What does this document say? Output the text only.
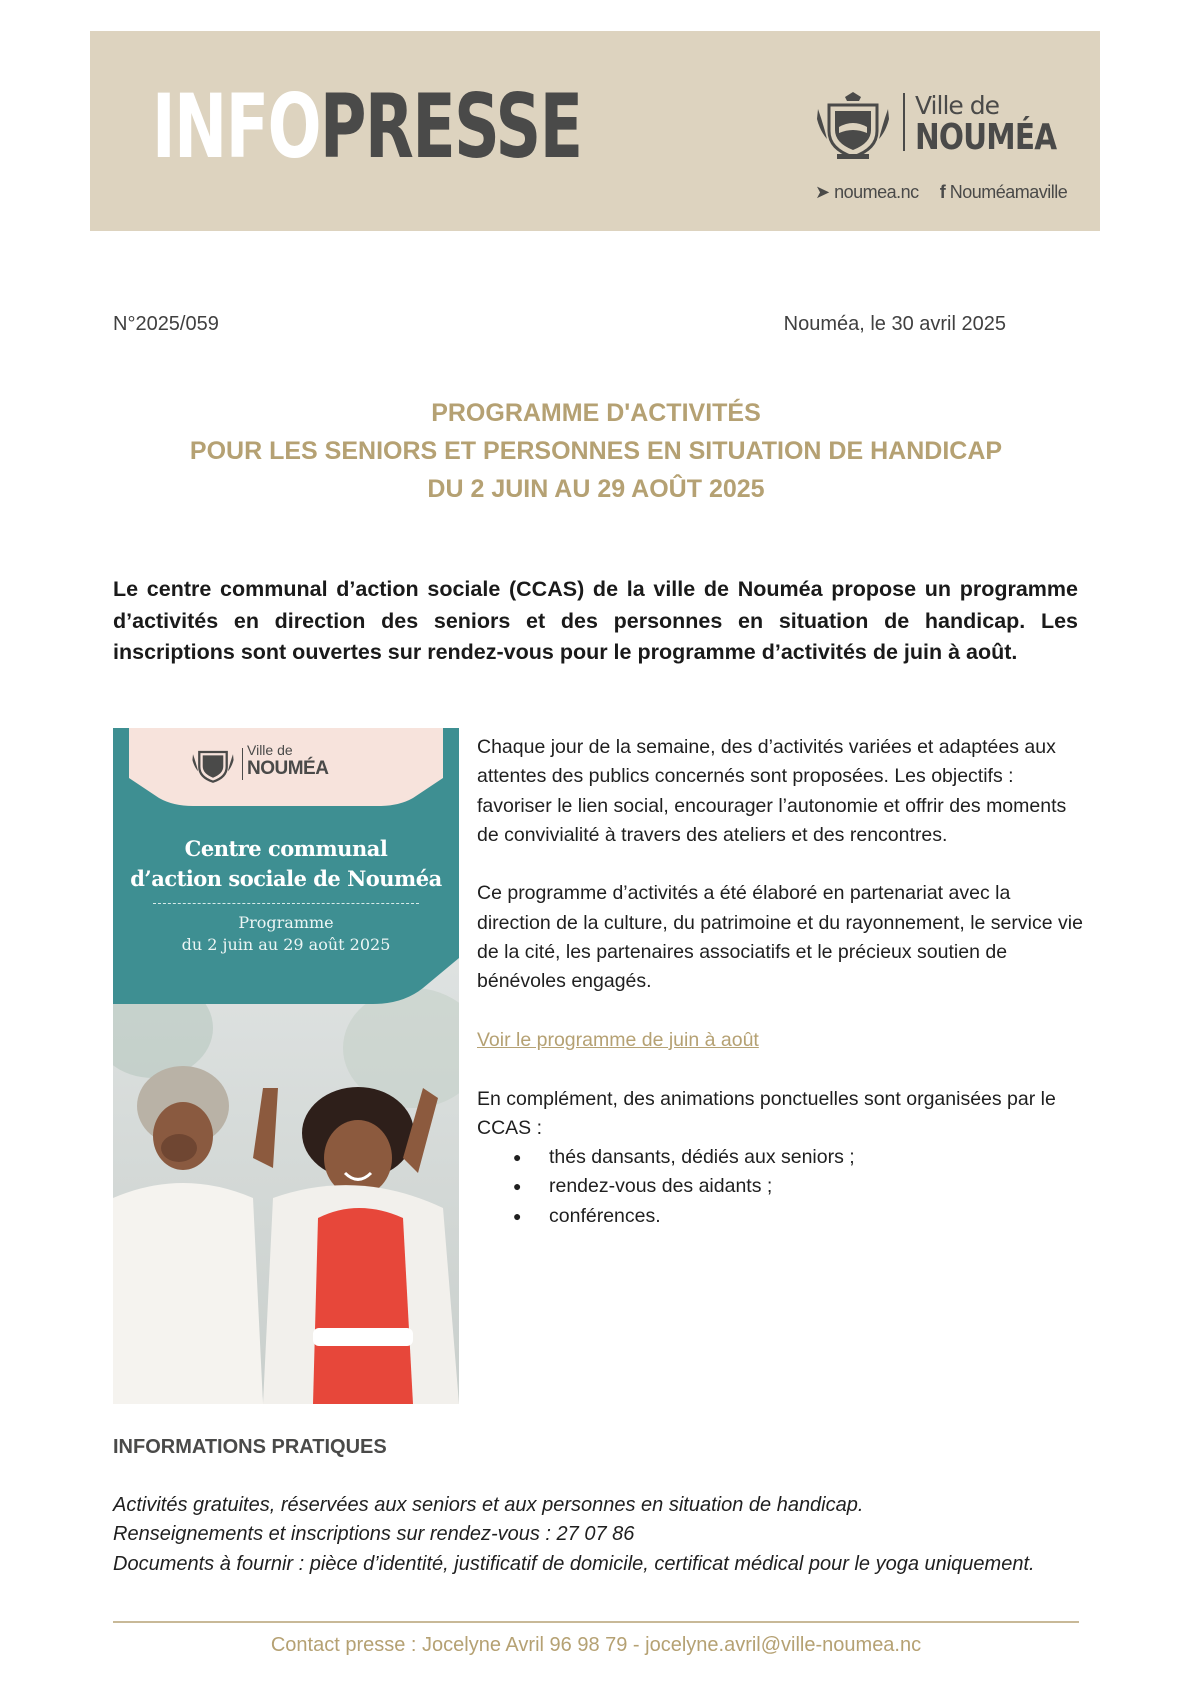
INFOPRESSE	Ville de
NOUMÉA
➤ noumea.nc f Nouméamaville
N°2025/059	Nouméa, le 30 avril 2025
PROGRAMME D'ACTIVITÉS
POUR LES SENIORS ET PERSONNES EN SITUATION DE HANDICAP
DU 2 JUIN AU 29 AOÛT 2025

Le centre communal d’action sociale (CCAS) de la ville de Nouméa propose un programme d’activités en direction des seniors et des personnes en situation de handicap. Les inscriptions sont ouvertes sur rendez-vous pour le programme d’activités de juin à août.

Ville de
NOUMÉA
Centre communal
d’action sociale de Nouméa
Programme
du 2 juin au 29 août 2025

Chaque jour de la semaine, des d’activités variées et adaptées aux attentes des publics concernés sont proposées. Les objectifs : favoriser le lien social, encourager l’autonomie et offrir des moments de convivialité à travers des ateliers et des rencontres.

Ce programme d’activités a été élaboré en partenariat avec la direction de la culture, du patrimoine et du rayonnement, le service vie de la cité, les partenaires associatifs et le précieux soutien de bénévoles engagés.

Voir le programme de juin à août

En complément, des animations ponctuelles sont organisées par le CCAS :

● thés dansants, dédiés aux seniors ;
● rendez-vous des aidants ;
● conférences.
INFORMATIONS PRATIQUES
Activités gratuites, réservées aux seniors et aux personnes en situation de handicap.
Renseignements et inscriptions sur rendez-vous : 27 07 86
Documents à fournir : pièce d’identité, justificatif de domicile, certificat médical pour le yoga uniquement.
Contact presse : Jocelyne Avril 96 98 79 - jocelyne.avril@ville-noumea.nc
